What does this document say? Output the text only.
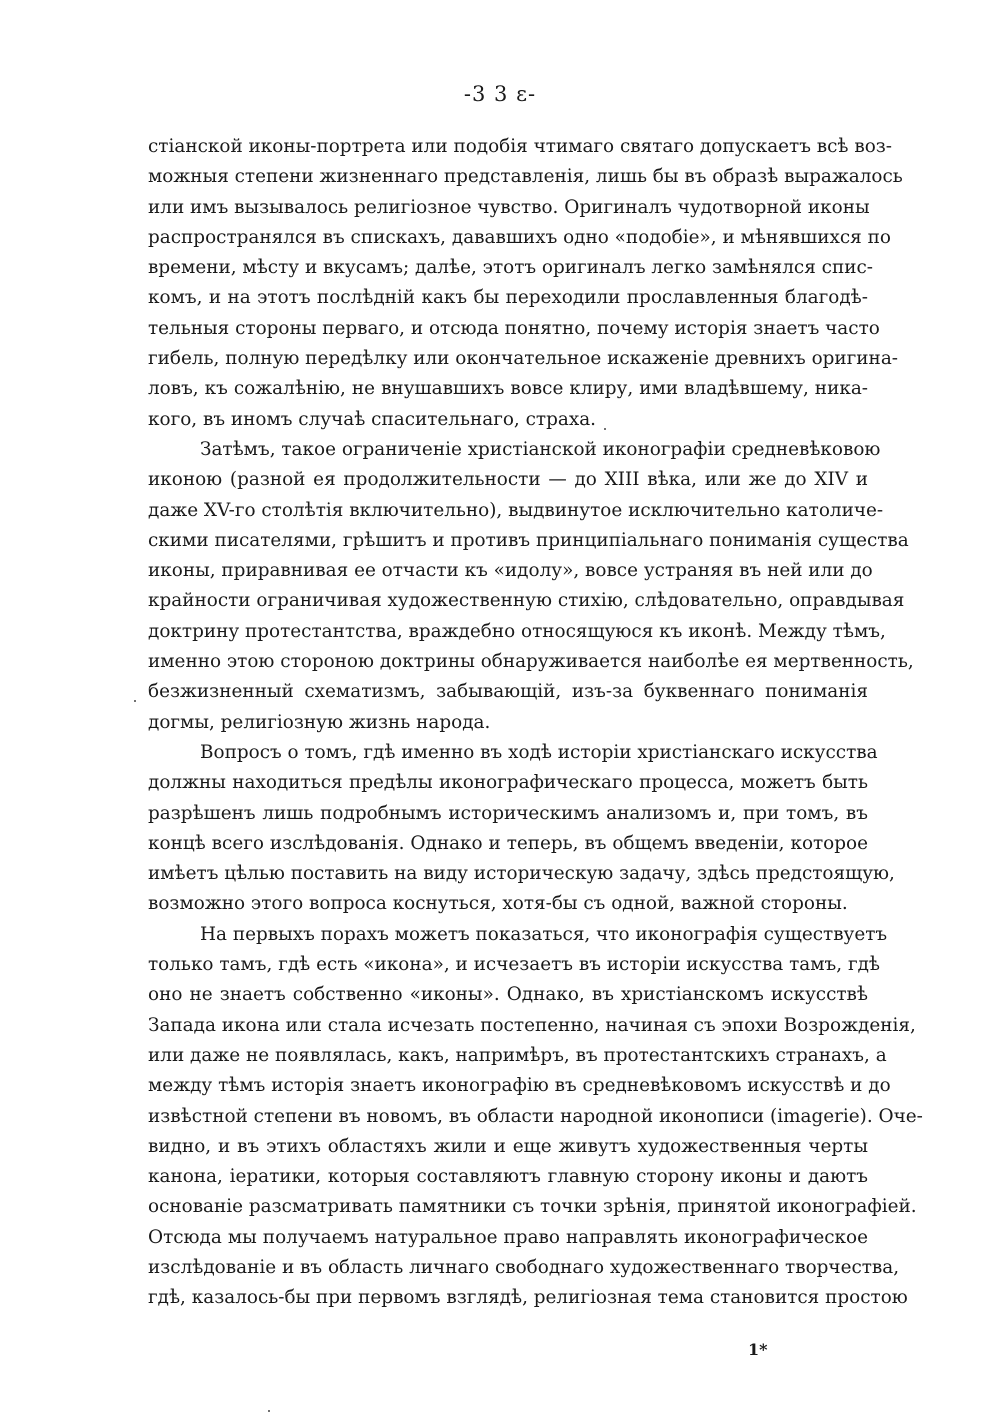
-3 3 ε-
стіанской иконы-портрета или подобія чтимаго святаго допускаетъ всѣ воз-
можныя степени жизненнаго представленія, лишь бы въ образѣ выражалось
или имъ вызывалось религіозное чувство. Оригиналъ чудотворной иконы
распространялся въ спискахъ, дававшихъ одно «подобіе», и мѣнявшихся по
времени, мѣсту и вкусамъ; далѣе, этотъ оригиналъ легко замѣнялся спис-
комъ, и на этотъ послѣдній какъ бы переходили прославленныя благодѣ-
тельныя стороны перваго, и отсюда понятно, почему исторія знаетъ часто
гибель, полную передѣлку или окончательное искаженіе древнихъ оригина-
ловъ, къ сожалѣнію, не внушавшихъ вовсе клиру, ими владѣвшему, ника-
кого, въ иномъ случаѣ спасительнаго, страха.
Затѣмъ, такое ограниченіе христіанской иконографіи средневѣковою
иконою (разной ея продолжительности — до XIII вѣка, или же до XIV и
даже XV-го столѣтія включительно), выдвинутое исключительно католиче-
скими писателями, грѣшитъ и противъ принципіальнаго пониманія существа
иконы, приравнивая ее отчасти къ «идолу», вовсе устраняя въ ней или до
крайности ограничивая художественную стихію, слѣдовательно, оправдывая
доктрину протестантства, враждебно относящуюся къ иконѣ. Между тѣмъ,
именно этою стороною доктрины обнаруживается наиболѣе ея мертвенность,
безжизненный схематизмъ, забывающій, изъ-за буквеннаго пониманія
догмы, религіозную жизнь народа.
Вопросъ о томъ, гдѣ именно въ ходѣ исторіи христіанскаго искусства
должны находиться предѣлы иконографическаго процесса, можетъ быть
разрѣшенъ лишь подробнымъ историческимъ анализомъ и, при томъ, въ
концѣ всего изслѣдованія. Однако и теперь, въ общемъ введеніи, которое
имѣетъ цѣлью поставить на виду историческую задачу, здѣсь предстоящую,
возможно этого вопроса коснуться, хотя-бы съ одной, важной стороны.
На первыхъ порахъ можетъ показаться, что иконографія существуетъ
только тамъ, гдѣ есть «икона», и исчезаетъ въ исторіи искусства тамъ, гдѣ
оно не знаетъ собственно «иконы». Однако, въ христіанскомъ искусствѣ
Запада икона или стала исчезать постепенно, начиная съ эпохи Возрожденія,
или даже не появлялась, какъ, напримѣръ, въ протестантскихъ странахъ, а
между тѣмъ исторія знаетъ иконографію въ средневѣковомъ искусствѣ и до
извѣстной степени въ новомъ, въ области народной иконописи (imagerie). Оче-
видно, и въ этихъ областяхъ жили и еще живутъ художественныя черты
канона, іератики, которыя составляютъ главную сторону иконы и даютъ
основаніе разсматривать памятники съ точки зрѣнія, принятой иконографіей.
Отсюда мы получаемъ натуральное право направлять иконографическое
изслѣдованіе и въ область личнаго свободнаго художественнаго творчества,
гдѣ, казалось-бы при первомъ взглядѣ, религіозная тема становится простою
1*
